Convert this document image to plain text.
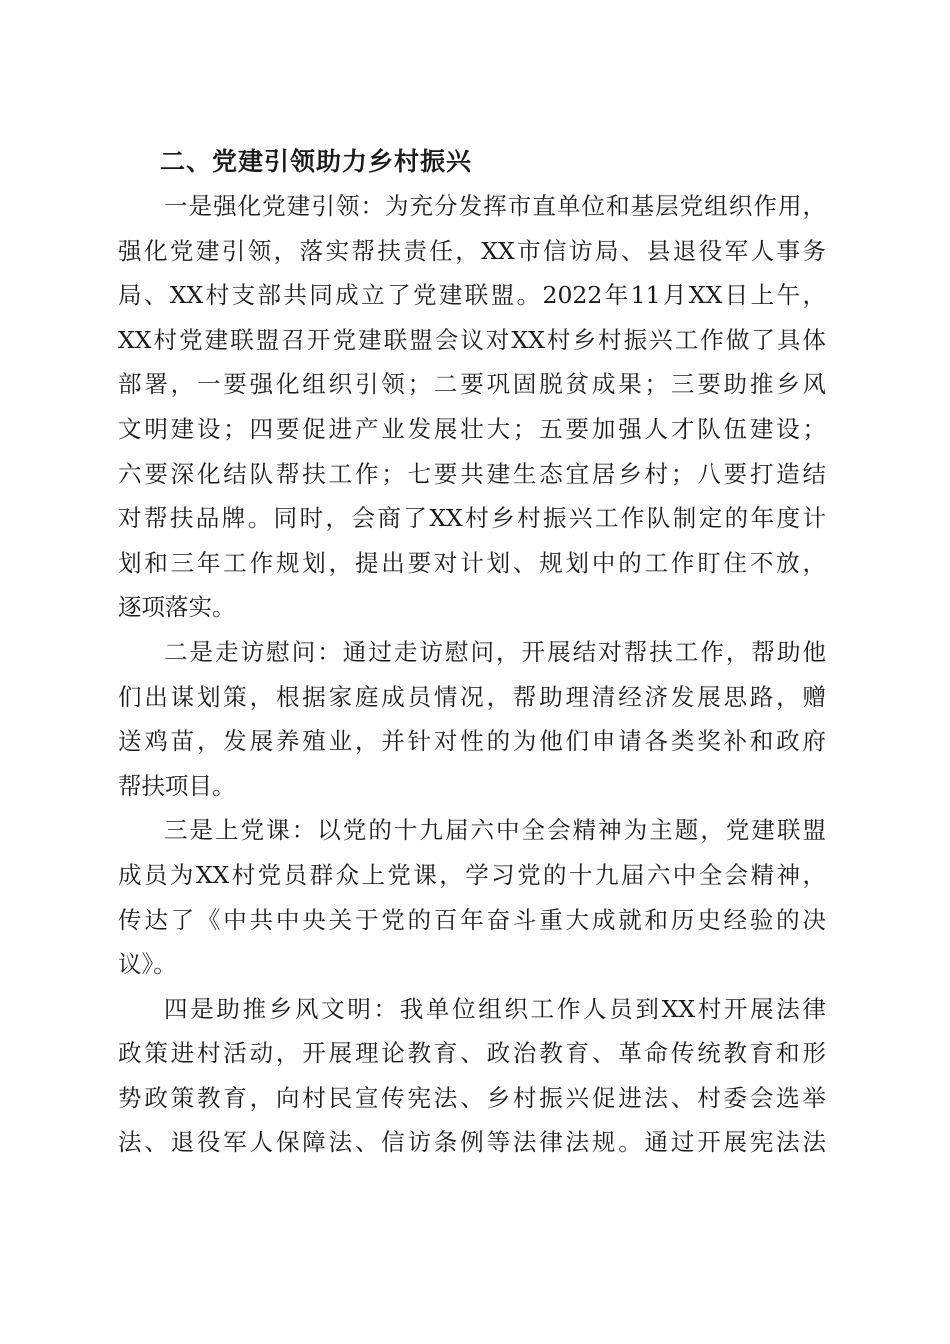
二、党建引领助力乡村振兴
一是强化党建引领：为充分发挥市直单位和基层党组织作用，
强化党建引领，落实帮扶责任，XX市信访局、县退役军人事务
局、XX村支部共同成立了党建联盟。2022年11月XX日上午，
XX村党建联盟召开党建联盟会议对XX村乡村振兴工作做了具体
部署，一要强化组织引领；二要巩固脱贫成果；三要助推乡风
文明建设；四要促进产业发展壮大；五要加强人才队伍建设；
六要深化结队帮扶工作；七要共建生态宜居乡村；八要打造结
对帮扶品牌。同时，会商了XX村乡村振兴工作队制定的年度计
划和三年工作规划，提出要对计划、规划中的工作盯住不放，
逐项落实。
二是走访慰问：通过走访慰问，开展结对帮扶工作，帮助他
们出谋划策，根据家庭成员情况，帮助理清经济发展思路，赠
送鸡苗，发展养殖业，并针对性的为他们申请各类奖补和政府
帮扶项目。
三是上党课：以党的十九届六中全会精神为主题，党建联盟
成员为XX村党员群众上党课，学习党的十九届六中全会精神，
传达了《中共中央关于党的百年奋斗重大成就和历史经验的决
议》。
四是助推乡风文明：我单位组织工作人员到XX村开展法律
政策进村活动，开展理论教育、政治教育、革命传统教育和形
势政策教育，向村民宣传宪法、乡村振兴促进法、村委会选举
法、退役军人保障法、信访条例等法律法规。通过开展宪法法
